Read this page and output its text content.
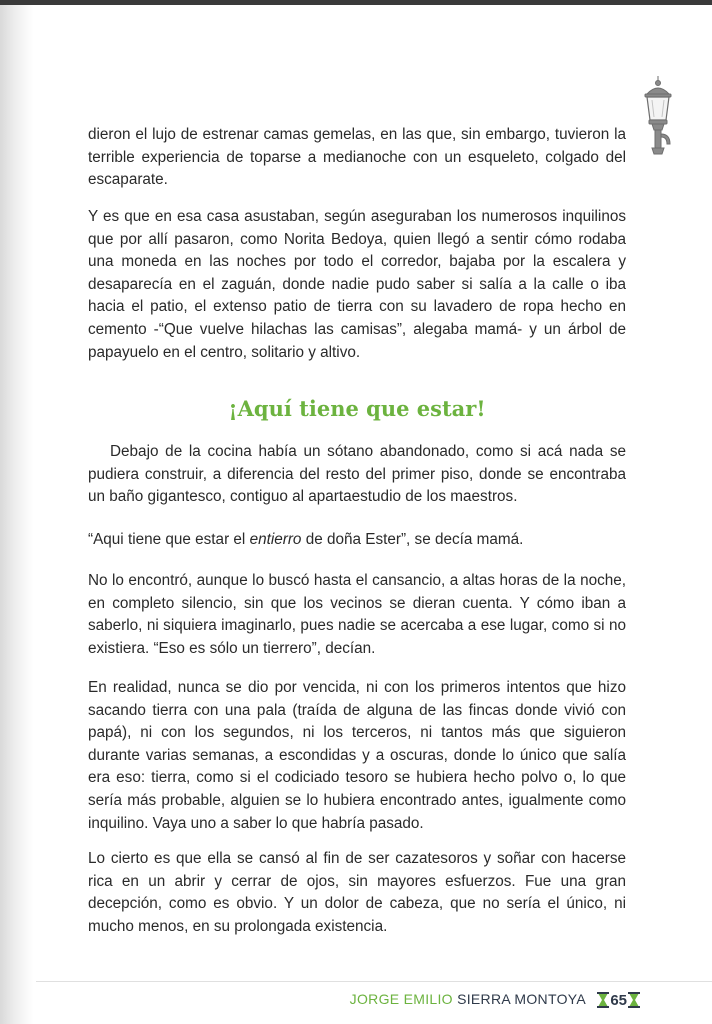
dieron el lujo de estrenar camas gemelas, en las que, sin embargo, tuvieron la terrible experiencia de toparse a medianoche con un esqueleto, colgado del escaparate.

Y es que en esa casa asustaban, según aseguraban los numerosos inquilinos que por allí pasaron, como Norita Bedoya, quien llegó a sentir cómo rodaba una moneda en las noches por todo el corredor, bajaba por la escalera y desaparecía en el zaguán, donde nadie pudo saber si salía a la calle o iba hacia el patio, el extenso patio de tierra con su lavadero de ropa hecho en cemento -“Que vuelve hilachas las camisas”, alegaba mamá- y un árbol de papayuelo en el centro, solitario y altivo.

¡Aquí tiene que estar!

Debajo de la cocina había un sótano abandonado, como si acá nada se pudiera construir, a diferencia del resto del primer piso, donde se encontraba un baño gigantesco, contiguo al apartaestudio de los maestros.

“Aqui tiene que estar el entierro de doña Ester”, se decía mamá.

No lo encontró, aunque lo buscó hasta el cansancio, a altas horas de la noche, en completo silencio, sin que los vecinos se dieran cuenta. Y cómo iban a saberlo, ni siquiera imaginarlo, pues nadie se acercaba a ese lugar, como si no existiera. “Eso es sólo un tierrero”, decían.

En realidad, nunca se dio por vencida, ni con los primeros intentos que hizo sacando tierra con una pala (traída de alguna de las fincas donde vivió con papá), ni con los segundos, ni los terceros, ni tantos más que siguieron durante varias semanas, a escondidas y a oscuras, donde lo único que salía era eso: tierra, como si el codiciado tesoro se hubiera hecho polvo o, lo que sería más probable, alguien se lo hubiera encontrado antes, igualmente como inquilino. Vaya uno a saber lo que habría pasado.

Lo cierto es que ella se cansó al fin de ser cazatesoros y soñar con hacerse rica en un abrir y cerrar de ojos, sin mayores esfuerzos. Fue una gran decepción, como es obvio. Y un dolor de cabeza, que no sería el único, ni mucho menos, en su prolongada existencia.

JORGE EMILIO SIERRA MONTOYA 65
